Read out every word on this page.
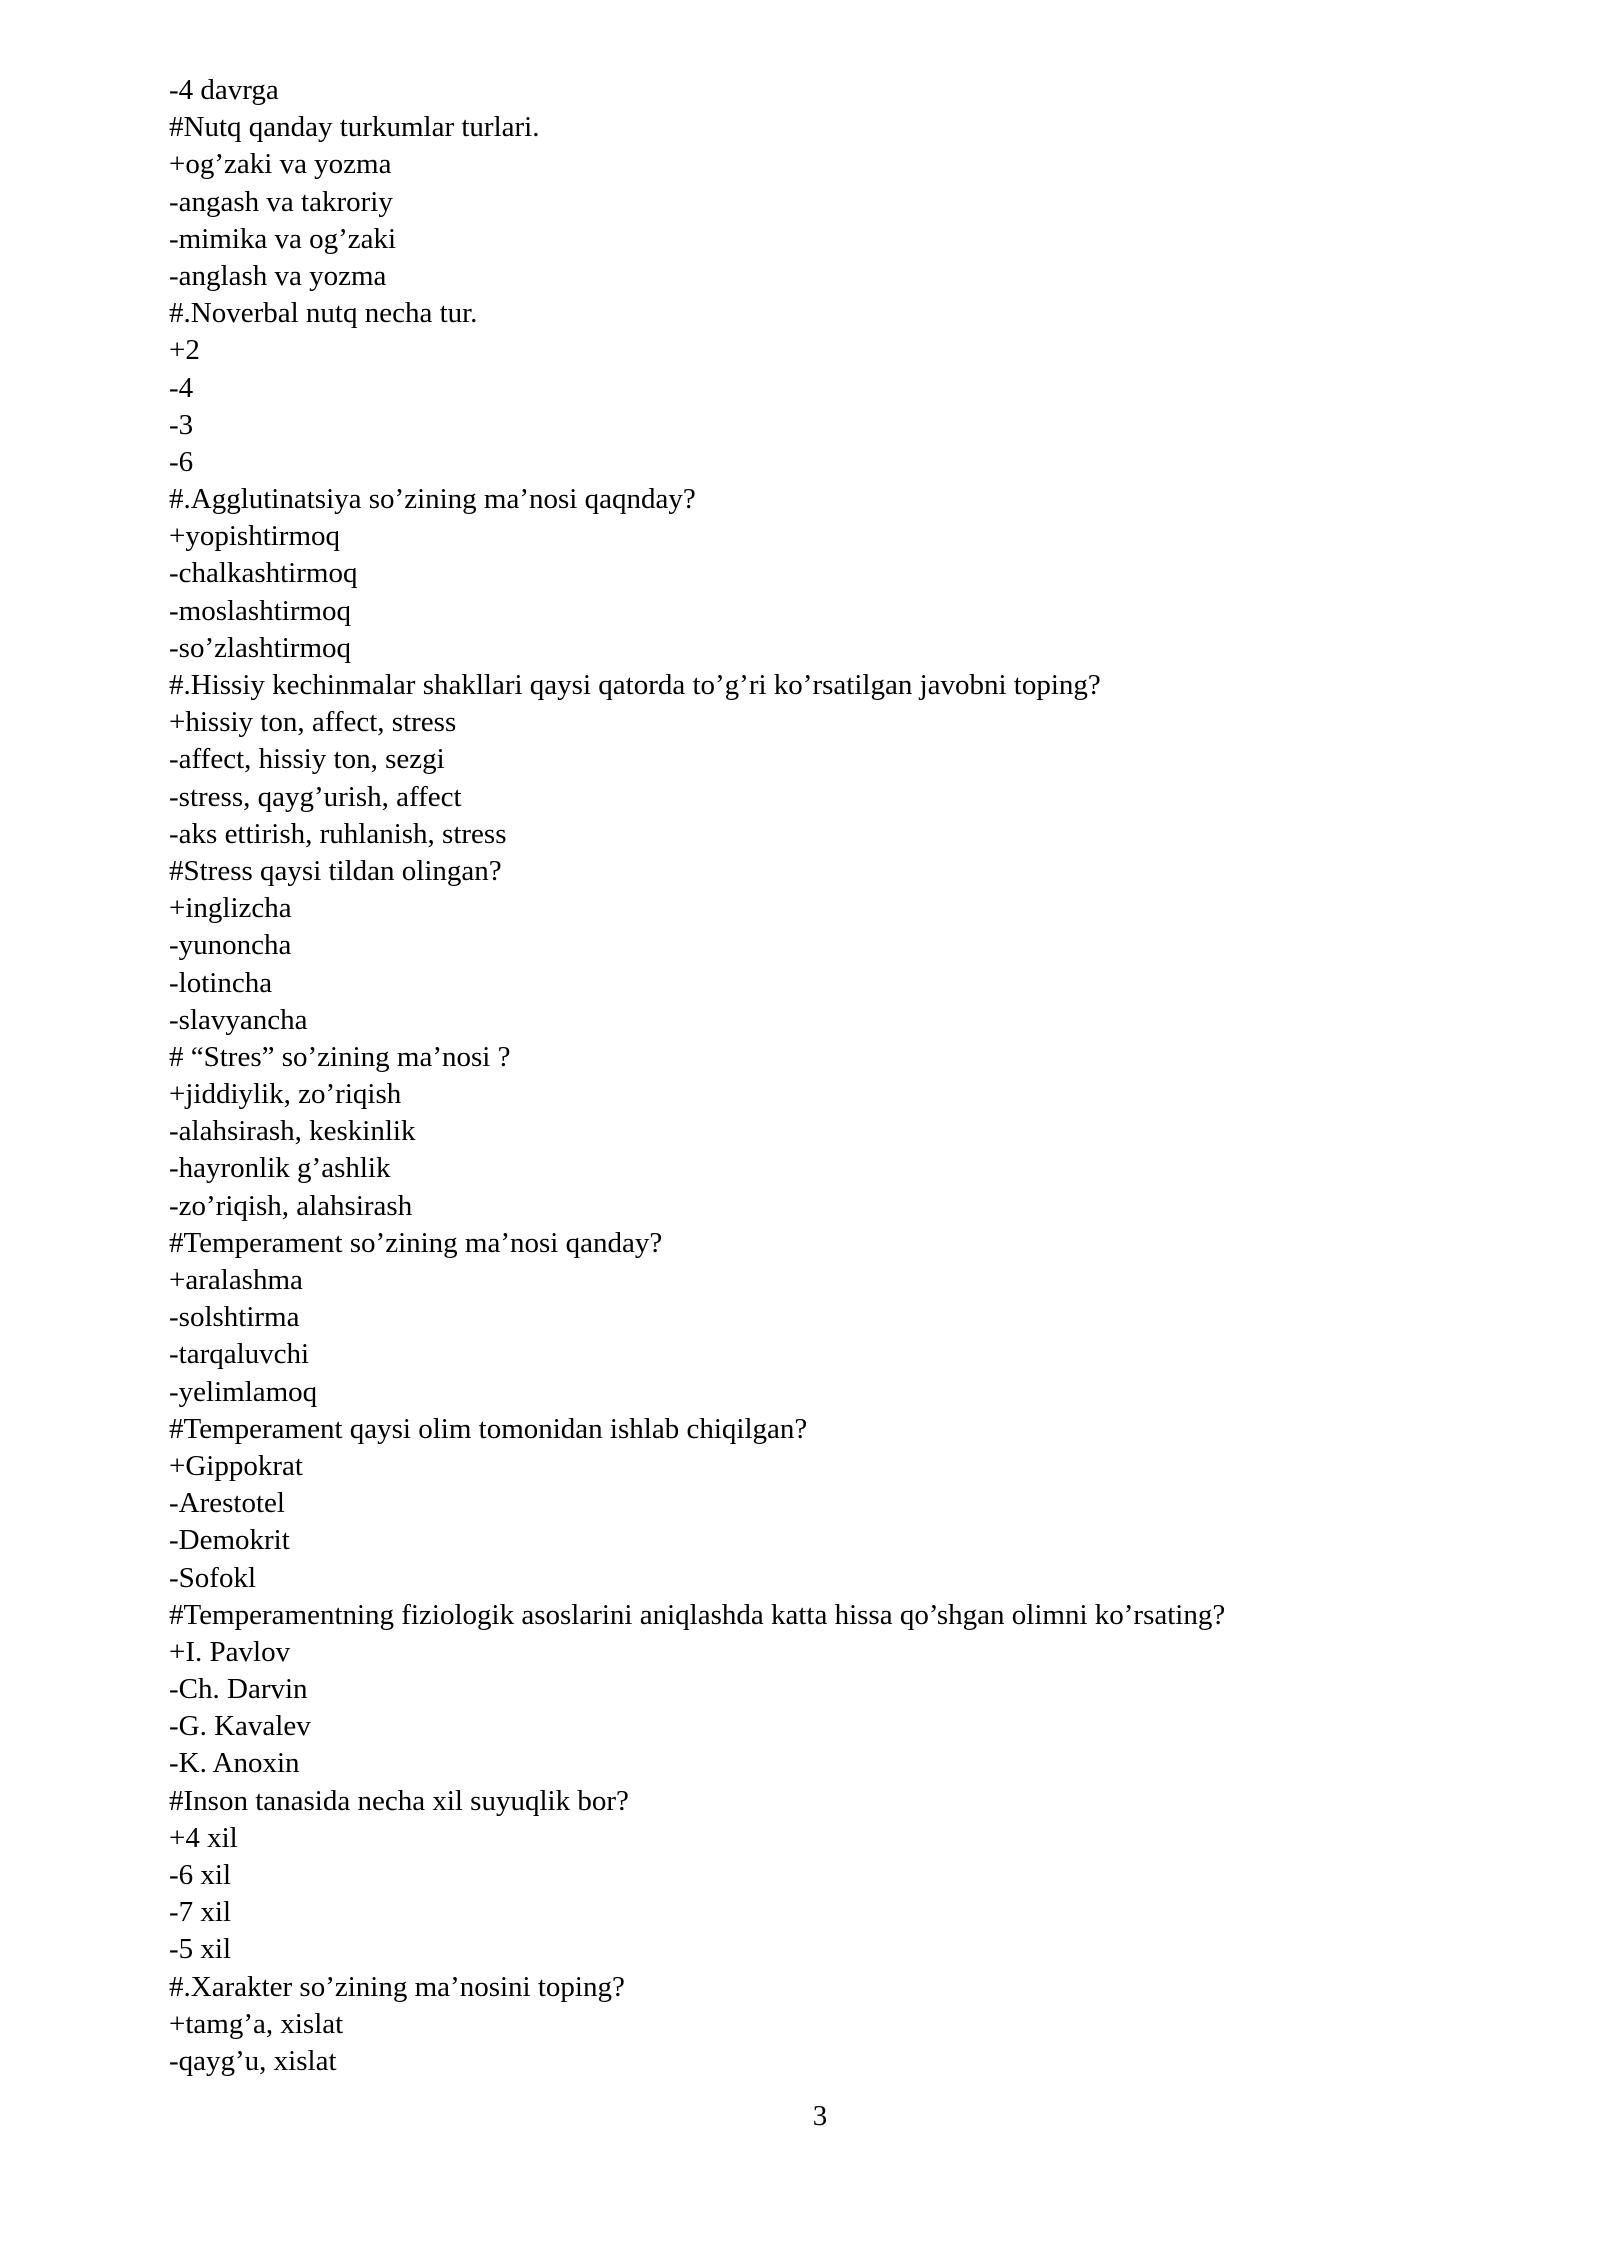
-4 davrga
#Nutq qanday turkumlar turlari.
+og’zaki va yozma
-angash va takroriy
-mimika va og’zaki
-anglash va yozma
#.Noverbal nutq necha tur.
+2
-4
-3
-6
#.Agglutinatsiya so’zining ma’nosi qaqnday?
+yopishtirmoq
-chalkashtirmoq
-moslashtirmoq
-so’zlashtirmoq
#.Hissiy kechinmalar shakllari qaysi qatorda to’g’ri ko’rsatilgan javobni toping?
+hissiy ton, affect, stress
-affect, hissiy ton, sezgi
-stress, qayg’urish, affect
-aks ettirish, ruhlanish, stress
#Stress qaysi tildan olingan?
+inglizcha
-yunoncha
-lotincha
-slavyancha
# “Stres” so’zining ma’nosi ?
+jiddiylik, zo’riqish
-alahsirash, keskinlik
-hayronlik g’ashlik
-zo’riqish, alahsirash
#Temperament so’zining ma’nosi qanday?
+aralashma
-solshtirma
-tarqaluvchi
-yelimlamoq
#Temperament qaysi olim tomonidan ishlab chiqilgan?
+Gippokrat
-Arestotel
-Demokrit
-Sofokl
#Temperamentning fiziologik asoslarini aniqlashda katta hissa qo’shgan olimni ko’rsating?
+I. Pavlov
-Ch. Darvin
-G. Kavalev
-K. Anoxin
#Inson tanasida necha xil suyuqlik bor?
+4 xil
-6 xil
-7 xil
-5 xil
#.Xarakter so’zining ma’nosini toping?
+tamg’a, xislat
-qayg’u, xislat
3
